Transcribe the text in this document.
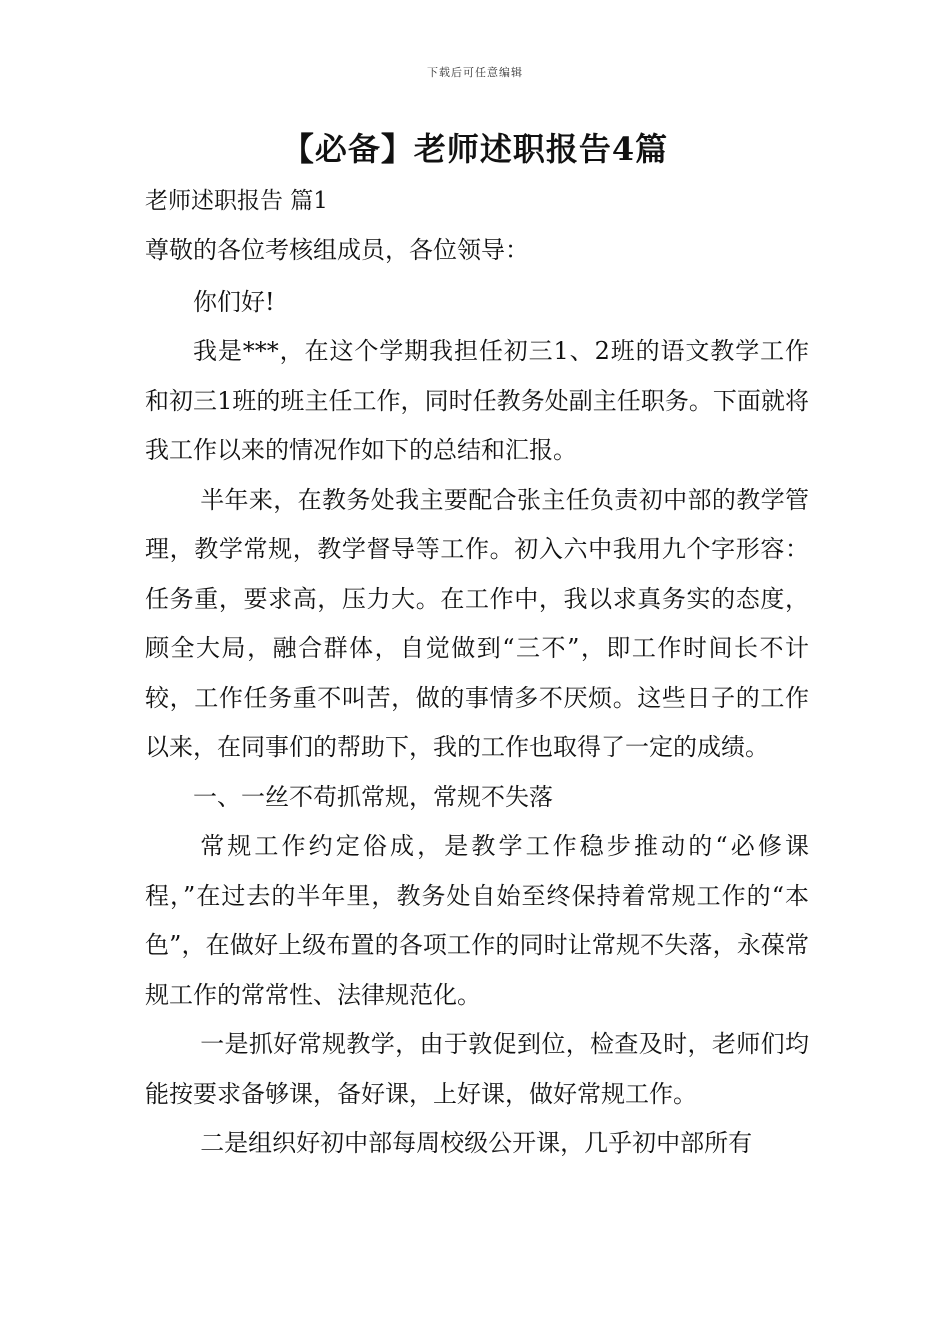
下载后可任意编辑
【必备】老师述职报告4篇

老师述职报告 篇1

尊敬的各位考核组成员，各位领导：

你们好!

我是***，在这个学期我担任初三1、2班的语文教学工作和初三1班的班主任工作，同时任教务处副主任职务。下面就将我工作以来的情况作如下的总结和汇报。

半年来，在教务处我主要配合张主任负责初中部的教学管理，教学常规，教学督导等工作。初入六中我用九个字形容：任务重，要求高，压力大。在工作中，我以求真务实的态度，顾全大局，融合群体，自觉做到“三不”，即工作时间长不计较，工作任务重不叫苦，做的事情多不厌烦。这些日子的工作以来，在同事们的帮助下，我的工作也取得了一定的成绩。

一、一丝不苟抓常规，常规不失落

常规工作约定俗成，是教学工作稳步推动的“必修课程，”在过去的半年里，教务处自始至终保持着常规工作的“本色”，在做好上级布置的各项工作的同时让常规不失落，永葆常规工作的常常性、法律规范化。

一是抓好常规教学，由于敦促到位，检查及时，老师们均能按要求备够课，备好课，上好课，做好常规工作。

二是组织好初中部每周校级公开课，几乎初中部所有
